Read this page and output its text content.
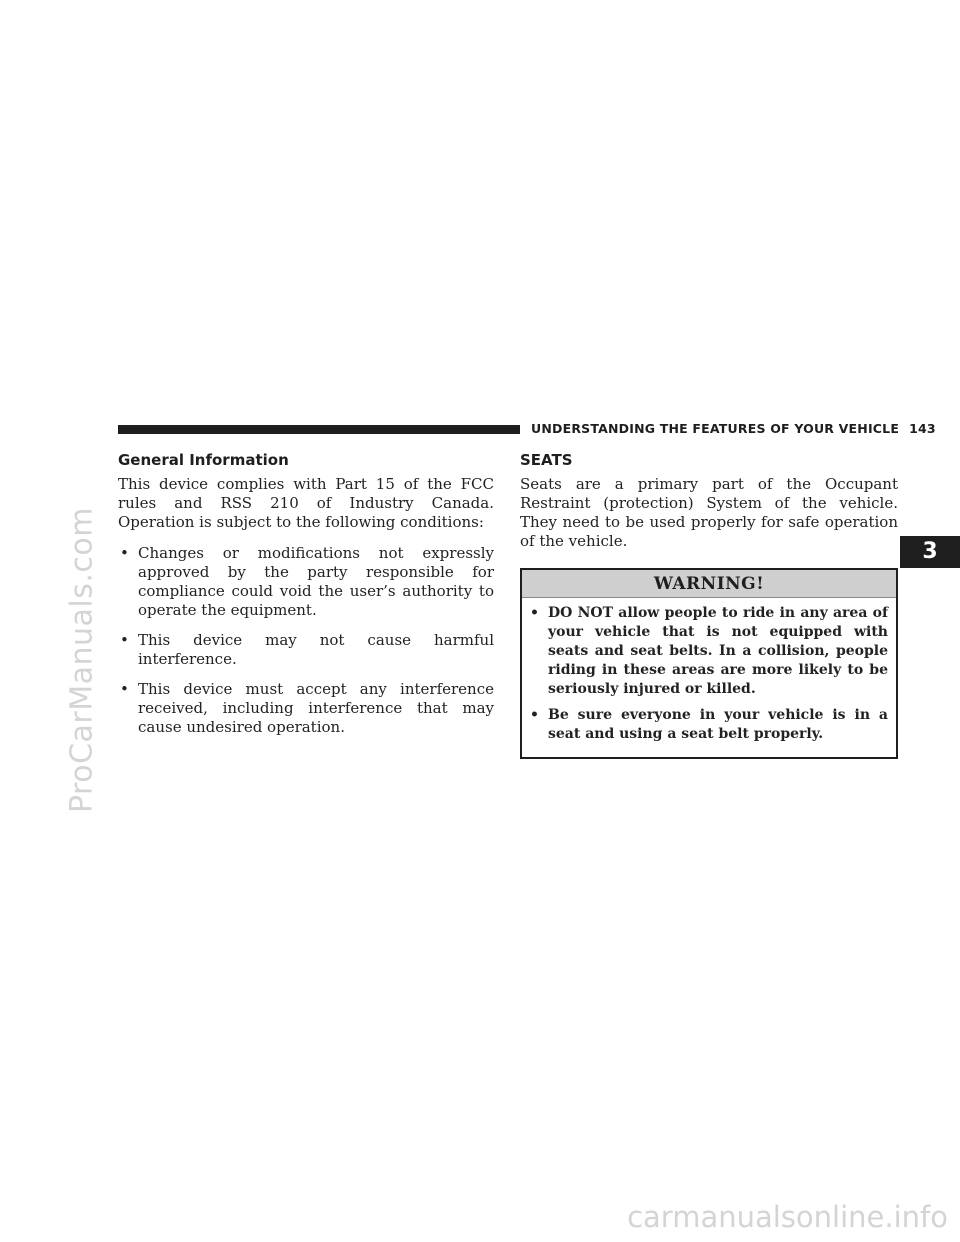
ProCarManuals.com
UNDERSTANDING THE FEATURES OF YOUR VEHICLE 143
General Information

This device complies with Part 15 of the FCC rules and RSS 210 of Industry Canada. Operation is subject to the following conditions:

• Changes or modifications not expressly approved by the party responsible for compliance could void the user’s authority to operate the equipment.
• This device may not cause harmful interference.
• This device must accept any interference received, including interference that may cause undesired operation.
SEATS

Seats are a primary part of the Occupant Restraint (protection) System of the vehicle. They need to be used properly for safe operation of the vehicle.

WARNING!
• DO NOT allow people to ride in any area of your vehicle that is not equipped with seats and seat belts. In a collision, people riding in these areas are more likely to be seriously injured or killed.
• Be sure everyone in your vehicle is in a seat and using a seat belt properly.
3
carmanualsonline.info
